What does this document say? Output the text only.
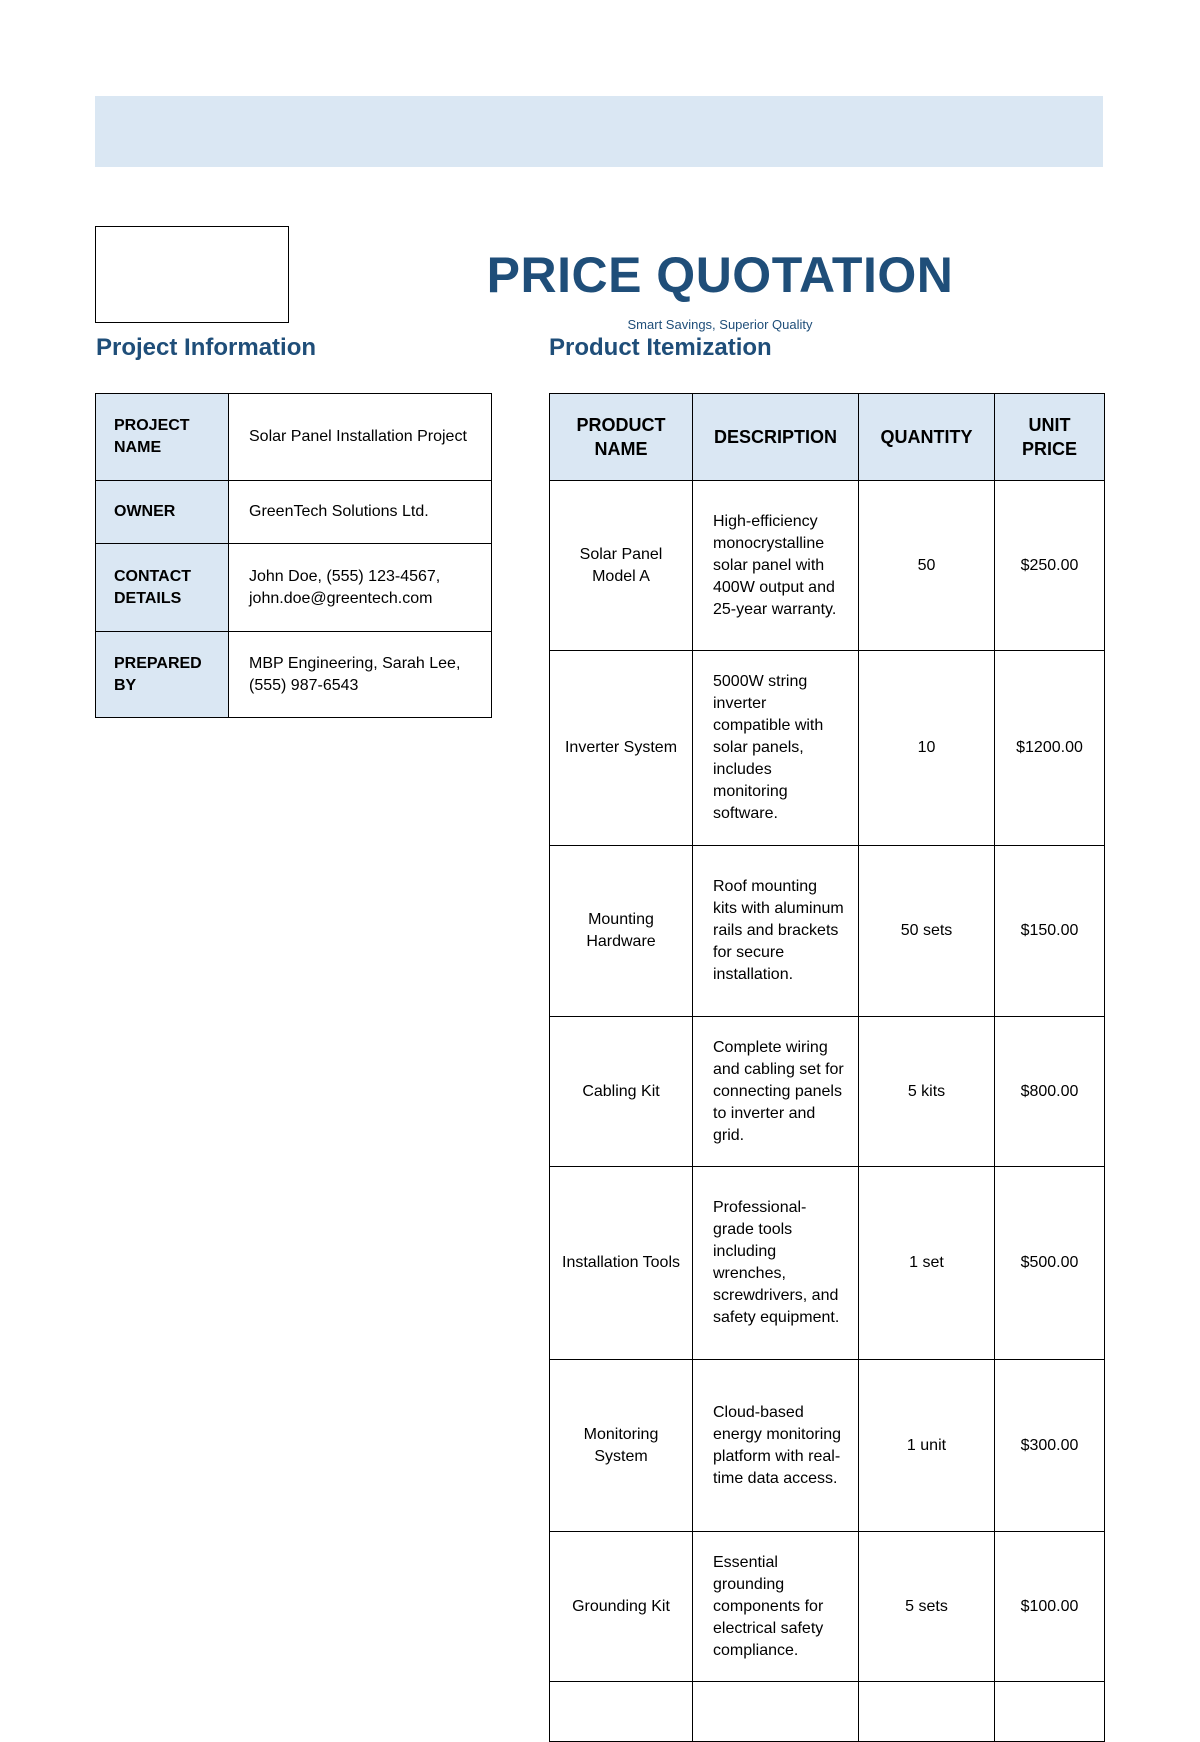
PRICE QUOTATION
Smart Savings, Superior Quality
Project Information	Product Itemization
PROJECT NAME	Solar Panel Installation Project
OWNER	GreenTech Solutions Ltd.
CONTACT DETAILS	John Doe, (555) 123-4567, john.doe@greentech.com
PREPARED BY	MBP Engineering, Sarah Lee, (555) 987-6543
PRODUCT NAME	DESCRIPTION	QUANTITY	UNIT PRICE
Solar Panel Model A	High-efficiency monocrystalline solar panel with 400W output and 25-year warranty.	50	$250.00
Inverter System	5000W string inverter compatible with solar panels, includes monitoring software.	10	$1200.00
Mounting Hardware	Roof mounting kits with aluminum rails and brackets for secure installation.	50 sets	$150.00
Cabling Kit	Complete wiring and cabling set for connecting panels to inverter and grid.	5 kits	$800.00
Installation Tools	Professional-grade tools including wrenches, screwdrivers, and safety equipment.	1 set	$500.00
Monitoring System	Cloud-based energy monitoring platform with real-time data access.	1 unit	$300.00
Grounding Kit	Essential grounding components for electrical safety compliance.	5 sets	$100.00
